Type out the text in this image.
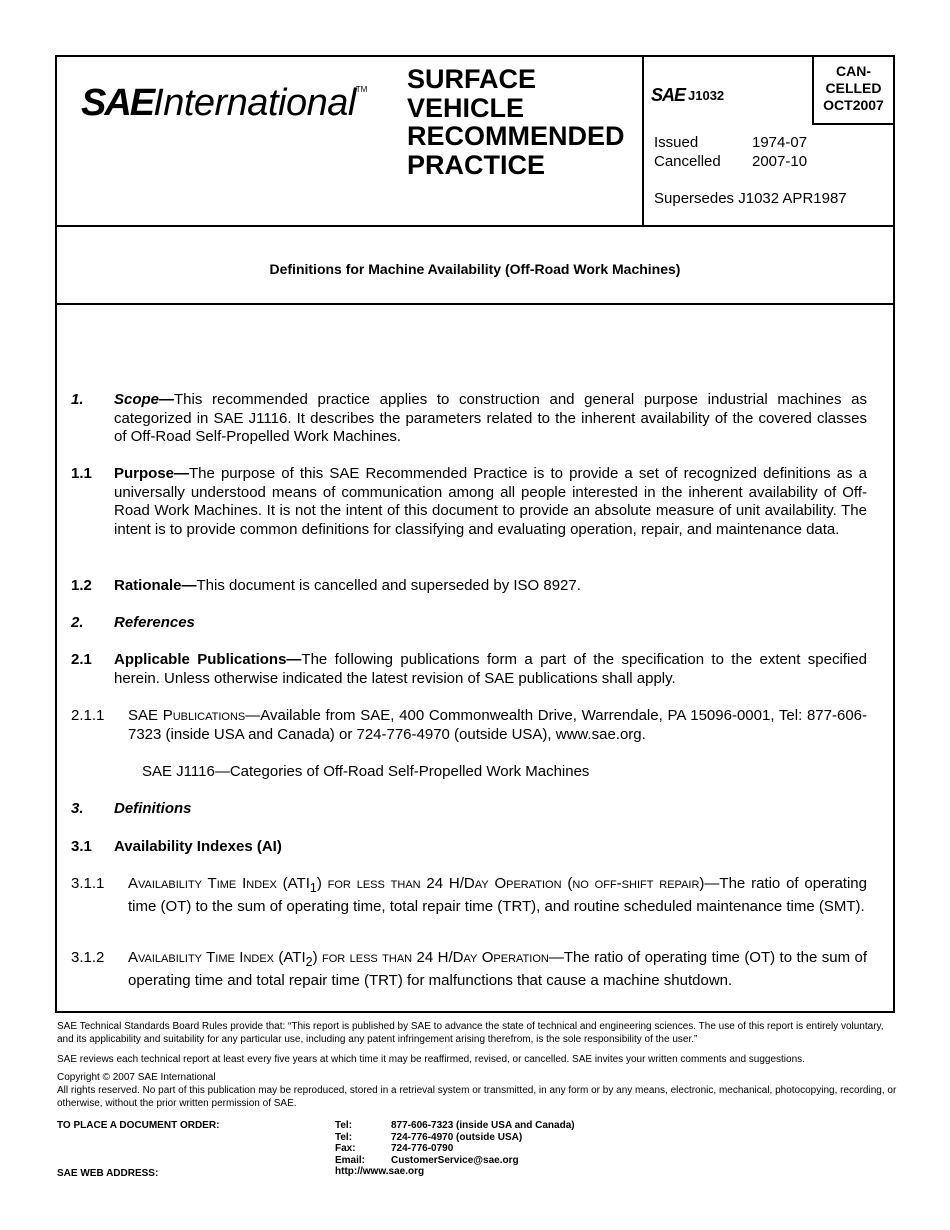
SAEInternational™ SURFACE
VEHICLE
RECOMMENDED
PRACTICE
SAE J1032
CAN-
CELLED
OCT2007
Issued	1974-07
Cancelled 2007-10
Supersedes J1032 APR1987
Definitions for Machine Availability (Off-Road Work Machines)
1. Scope—This recommended practice applies to construction and general purpose industrial machines as categorized in SAE J1116. It describes the parameters related to the inherent availability of the covered classes of Off-Road Self-Propelled Work Machines.
1.1 Purpose—The purpose of this SAE Recommended Practice is to provide a set of recognized definitions as a universally understood means of communication among all people interested in the inherent availability of Off-Road Work Machines. It is not the intent of this document to provide an absolute measure of unit availability. The intent is to provide common definitions for classifying and evaluating operation, repair, and maintenance data.
1.2 Rationale—This document is cancelled and superseded by ISO 8927.
2. References
2.1 Applicable Publications—The following publications form a part of the specification to the extent specified herein. Unless otherwise indicated the latest revision of SAE publications shall apply.
2.1.1 SAE Publications—Available from SAE, 400 Commonwealth Drive, Warrendale, PA 15096-0001, Tel: 877-606-7323 (inside USA and Canada) or 724-776-4970 (outside USA), www.sae.org.
SAE J1116—Categories of Off-Road Self-Propelled Work Machines
3. Definitions
3.1 Availability Indexes (AI)
3.1.1 Availability Time Index $(ATI_1)$ for less than 24 H/Day Operation (no off-shift repair)—The ratio of operating time (OT) to the sum of operating time, total repair time (TRT), and routine scheduled maintenance time (SMT).
3.1.2 Availability Time Index $(ATI_2)$ for less than 24 H/Day Operation—The ratio of operating time (OT) to the sum of operating time and total repair time (TRT) for malfunctions that cause a machine shutdown.
SAE Technical Standards Board Rules provide that: “This report is published by SAE to advance the state of technical and engineering sciences. The use of this report is entirely voluntary, and its applicability and suitability for any particular use, including any patent infringement arising therefrom, is the sole responsibility of the user.”
SAE reviews each technical report at least every five years at which time it may be reaffirmed, revised, or cancelled. SAE invites your written comments and suggestions.
Copyright © 2007 SAE International
All rights reserved. No part of this publication may be reproduced, stored in a retrieval system or transmitted, in any form or by any means, electronic, mechanical, photocopying, recording, or otherwise, without the prior written permission of SAE.
TO PLACE A DOCUMENT ORDER:
SAE WEB ADDRESS:
Tel:	877-606-7323 (inside USA and Canada)
Tel:	724-776-4970 (outside USA)
Fax:	724-776-0790
Email:	CustomerService@sae.org
http://www.sae.org
